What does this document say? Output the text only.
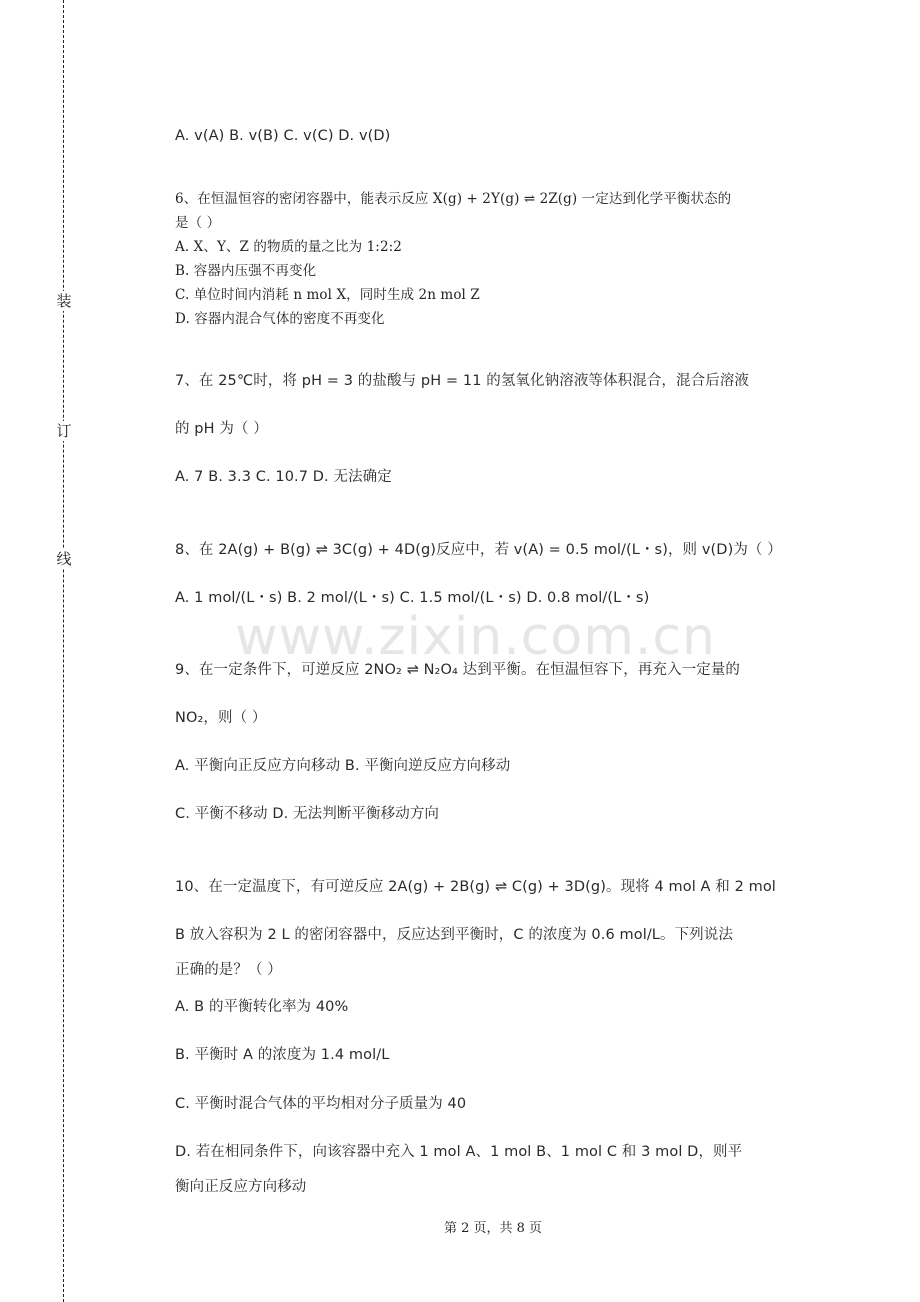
装
订
线
www.zixin.com.cn
A. v(A) B. v(B) C. v(C) D. v(D)
6、在恒温恒容的密闭容器中，能表示反应 X(g) + 2Y(g) ⇌ 2Z(g) 一定达到化学平衡状态的
是（ ）
A. X、Y、Z 的物质的量之比为 1:2:2
B. 容器内压强不再变化
C. 单位时间内消耗 n mol X，同时生成 2n mol Z
D. 容器内混合气体的密度不再变化
7、在 25℃时，将 pH = 3 的盐酸与 pH = 11 的氢氧化钠溶液等体积混合，混合后溶液
的 pH 为（ ）
A. 7 B. 3.3 C. 10.7 D. 无法确定
8、在 2A(g) + B(g) ⇌ 3C(g) + 4D(g)反应中，若 v(A) = 0.5 mol/(L・s)，则 v(D)为（ ）
A. 1 mol/(L・s) B. 2 mol/(L・s) C. 1.5 mol/(L・s) D. 0.8 mol/(L・s)
9、在一定条件下，可逆反应 2NO₂ ⇌ N₂O₄ 达到平衡。在恒温恒容下，再充入一定量的
NO₂，则（ ）
A. 平衡向正反应方向移动 B. 平衡向逆反应方向移动
C. 平衡不移动 D. 无法判断平衡移动方向
10、在一定温度下，有可逆反应 2A(g) + 2B(g) ⇌ C(g) + 3D(g)。现将 4 mol A 和 2 mol
B 放入容积为 2 L 的密闭容器中，反应达到平衡时，C 的浓度为 0.6 mol/L。下列说法
正确的是？（ ）
A. B 的平衡转化率为 40%
B. 平衡时 A 的浓度为 1.4 mol/L
C. 平衡时混合气体的平均相对分子质量为 40
D. 若在相同条件下，向该容器中充入 1 mol A、1 mol B、1 mol C 和 3 mol D，则平
衡向正反应方向移动
第 2 页，共 8 页
